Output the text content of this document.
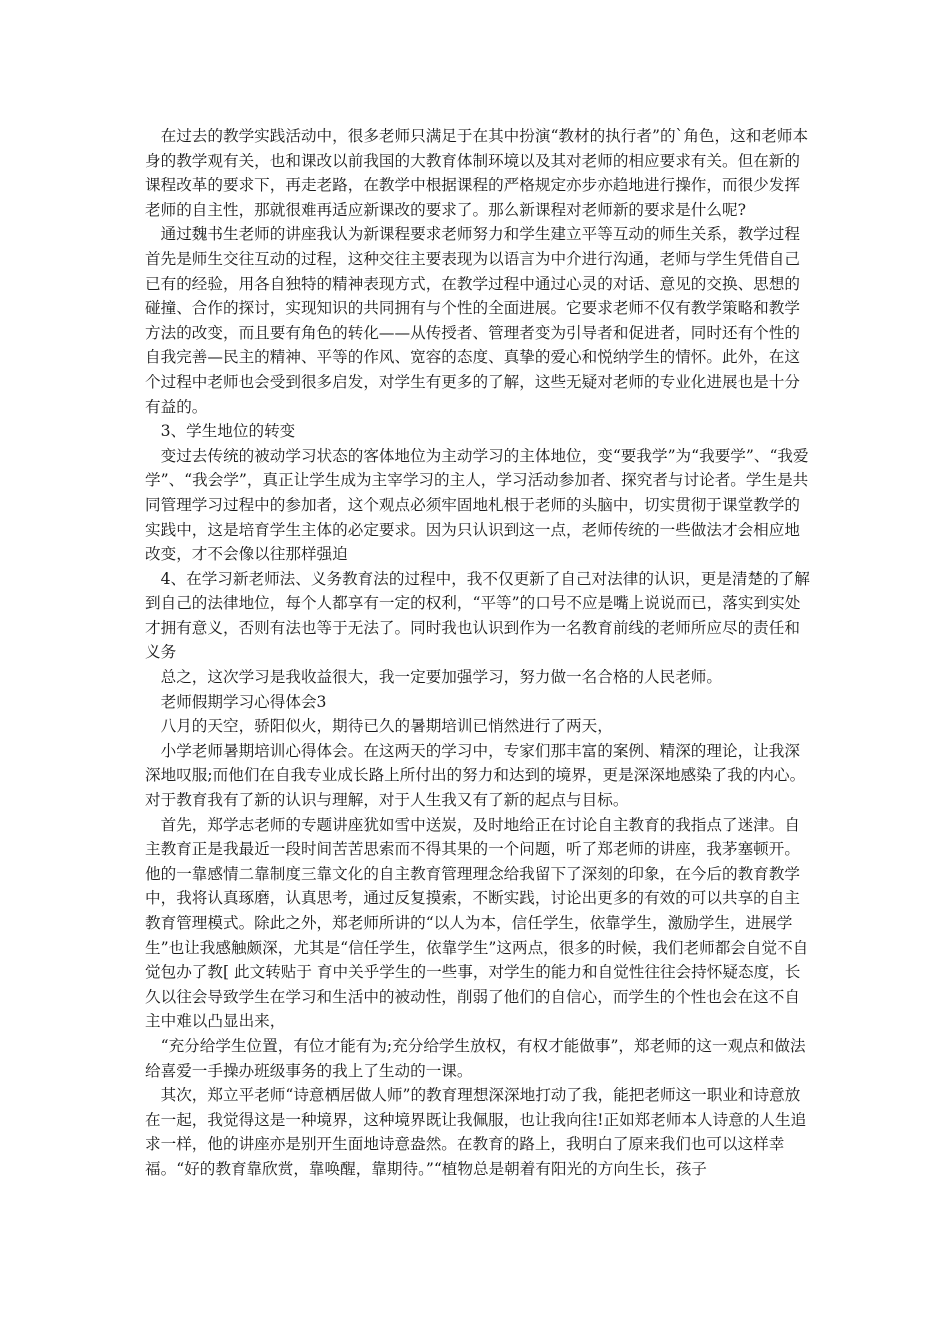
　在过去的教学实践活动中，很多老师只满足于在其中扮演“教材的执行者”的`角色，这和老师本身的教学观有关，也和课改以前我国的大教育体制环境以及其对老师的相应要求有关。但在新的课程改革的要求下，再走老路，在教学中根据课程的严格规定亦步亦趋地进行操作，而很少发挥老师的自主性，那就很难再适应新课改的要求了。那么新课程对老师新的要求是什么呢?

　通过魏书生老师的讲座我认为新课程要求老师努力和学生建立平等互动的师生关系，教学过程首先是师生交往互动的过程，这种交往主要表现为以语言为中介进行沟通，老师与学生凭借自己已有的经验，用各自独特的精神表现方式，在教学过程中通过心灵的对话、意见的交换、思想的碰撞、合作的探讨，实现知识的共同拥有与个性的全面进展。它要求老师不仅有教学策略和教学方法的改变，而且要有角色的转化——从传授者、管理者变为引导者和促进者，同时还有个性的自我完善—民主的精神、平等的作风、宽容的态度、真挚的爱心和悦纳学生的情怀。此外，在这个过程中老师也会受到很多启发，对学生有更多的了解，这些无疑对老师的专业化进展也是十分有益的。

　3、学生地位的转变

　变过去传统的被动学习状态的客体地位为主动学习的主体地位，变“要我学”为“我要学”、“我爱学”、“我会学”，真正让学生成为主宰学习的主人，学习活动参加者、探究者与讨论者。学生是共同管理学习过程中的参加者，这个观点必须牢固地札根于老师的头脑中，切实贯彻于课堂教学的实践中，这是培育学生主体的必定要求。因为只认识到这一点，老师传统的一些做法才会相应地改变，才不会像以往那样强迫

　4、在学习新老师法、义务教育法的过程中，我不仅更新了自己对法律的认识，更是清楚的了解到自己的法律地位，每个人都享有一定的权利，“平等”的口号不应是嘴上说说而已，落实到实处才拥有意义，否则有法也等于无法了。同时我也认识到作为一名教育前线的老师所应尽的责任和义务

　总之，这次学习是我收益很大，我一定要加强学习，努力做一名合格的人民老师。

　老师假期学习心得体会3

　八月的天空，骄阳似火，期待已久的暑期培训已悄然进行了两天，

　小学老师暑期培训心得体会。在这两天的学习中，专家们那丰富的案例、精深的理论，让我深深地叹服;而他们在自我专业成长路上所付出的努力和达到的境界，更是深深地感染了我的内心。对于教育我有了新的认识与理解，对于人生我又有了新的起点与目标。

　首先，郑学志老师的专题讲座犹如雪中送炭，及时地给正在讨论自主教育的我指点了迷津。自主教育正是我最近一段时间苦苦思索而不得其果的一个问题，听了郑老师的讲座，我茅塞顿开。他的一靠感情二靠制度三靠文化的自主教育管理理念给我留下了深刻的印象，在今后的教育教学中，我将认真琢磨，认真思考，通过反复摸索，不断实践，讨论出更多的有效的可以共享的自主教育管理模式。除此之外，郑老师所讲的“以人为本，信任学生，依靠学生，激励学生，进展学生”也让我感触颇深，尤其是“信任学生，依靠学生”这两点，很多的时候，我们老师都会自觉不自觉包办了教[ 此文转贴于 育中关乎学生的一些事，对学生的能力和自觉性往往会持怀疑态度，长久以往会导致学生在学习和生活中的被动性，削弱了他们的自信心，而学生的个性也会在这不自主中难以凸显出来，

　“充分给学生位置，有位才能有为;充分给学生放权，有权才能做事”，郑老师的这一观点和做法给喜爱一手操办班级事务的我上了生动的一课。

　其次，郑立平老师“诗意栖居做人师”的教育理想深深地打动了我，能把老师这一职业和诗意放在一起，我觉得这是一种境界，这种境界既让我佩服，也让我向往!正如郑老师本人诗意的人生追求一样，他的讲座亦是别开生面地诗意盎然。在教育的路上，我明白了原来我们也可以这样幸福。“好的教育靠欣赏，靠唤醒，靠期待。”“植物总是朝着有阳光的方向生长，孩子
